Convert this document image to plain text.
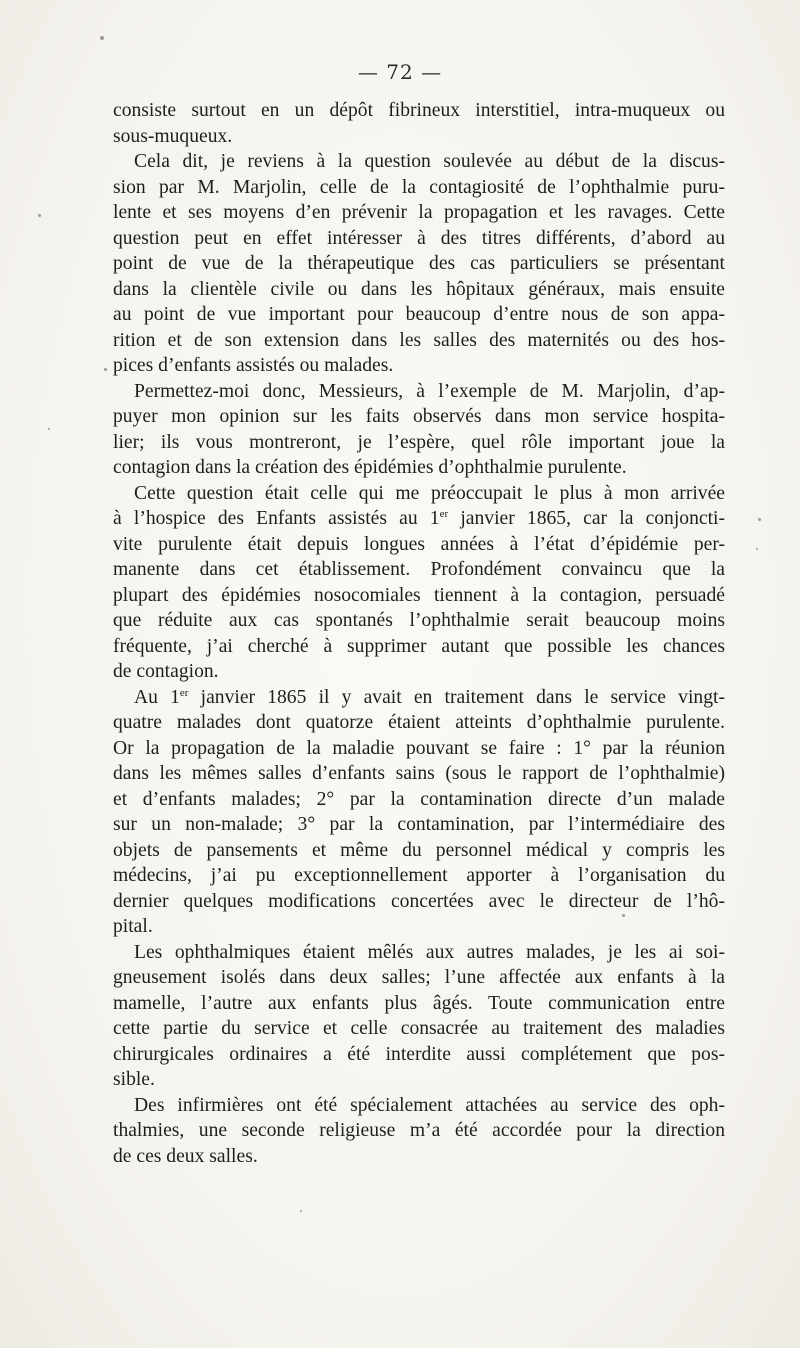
— 72 —

consiste surtout en un dépôt fibrineux interstitiel, intra-muqueux ou
sous-muqueux.

Cela dit, je reviens à la question soulevée au début de la discus-
sion par M. Marjolin, celle de la contagiosité de l’ophthalmie puru-
lente et ses moyens d’en prévenir la propagation et les ravages. Cette
question peut en effet intéresser à des titres différents, d’abord au
point de vue de la thérapeutique des cas particuliers se présentant
dans la clientèle civile ou dans les hôpitaux généraux, mais ensuite
au point de vue important pour beaucoup d’entre nous de son appa-
rition et de son extension dans les salles des maternités ou des hos-
pices d’enfants assistés ou malades.

Permettez-moi donc, Messieurs, à l’exemple de M. Marjolin, d’ap-
puyer mon opinion sur les faits observés dans mon service hospita-
lier; ils vous montreront, je l’espère, quel rôle important joue la
contagion dans la création des épidémies d’ophthalmie purulente.

Cette question était celle qui me préoccupait le plus à mon arrivée
à l’hospice des Enfants assistés au 1er janvier 1865, car la conjoncti-
vite purulente était depuis longues années à l’état d’épidémie per-
manente dans cet établissement. Profondément convaincu que la
plupart des épidémies nosocomiales tiennent à la contagion, persuadé
que réduite aux cas spontanés l’ophthalmie serait beaucoup moins
fréquente, j’ai cherché à supprimer autant que possible les chances
de contagion.

Au 1er janvier 1865 il y avait en traitement dans le service vingt-
quatre malades dont quatorze étaient atteints d’ophthalmie purulente.
Or la propagation de la maladie pouvant se faire : 1° par la réunion
dans les mêmes salles d’enfants sains (sous le rapport de l’ophthalmie)
et d’enfants malades; 2° par la contamination directe d’un malade
sur un non-malade; 3° par la contamination, par l’intermédiaire des
objets de pansements et même du personnel médical y compris les
médecins, j’ai pu exceptionnellement apporter à l’organisation du
dernier quelques modifications concertées avec le directeur de l’hô-
pital.

Les ophthalmiques étaient mêlés aux autres malades, je les ai soi-
gneusement isolés dans deux salles; l’une affectée aux enfants à la
mamelle, l’autre aux enfants plus âgés. Toute communication entre
cette partie du service et celle consacrée au traitement des maladies
chirurgicales ordinaires a été interdite aussi complétement que pos-
sible.

Des infirmières ont été spécialement attachées au service des oph-
thalmies, une seconde religieuse m’a été accordée pour la direction
de ces deux salles.
